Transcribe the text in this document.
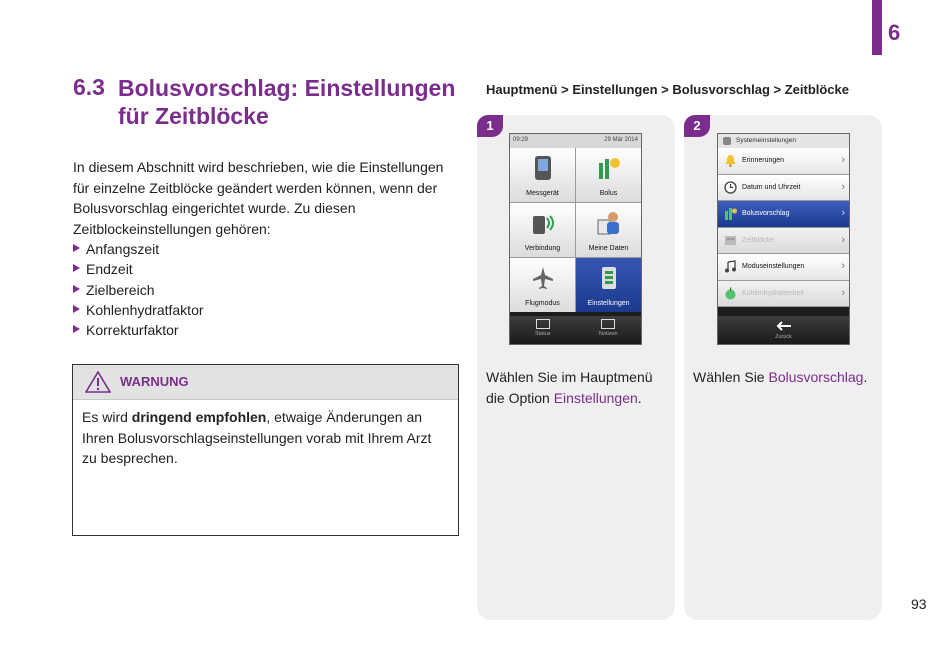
6
6.3 Bolusvorschlag: Einstellungen für Zeitblöcke
In diesem Abschnitt wird beschrieben, wie die Einstellungen für einzelne Zeitblöcke geändert werden können, wenn der Bolusvorschlag eingerichtet wurde. Zu diesen Zeitblockeinstellungen gehören:
Anfangszeit
Endzeit
Zielbereich
Kohlenhydratfaktor
Korrekturfaktor
WARNUNG
Es wird dringend empfohlen, etwaige Änderungen an Ihren Bolusvorschlagseinstellungen vorab mit Ihrem Arzt zu besprechen.
Hauptmenü > Einstellungen > Bolusvorschlag > Zeitblöcke
1	2
09:29	29 Mär 2014
Messgerät	Bolus
Verbindung	Meine Daten
Flugmodus	Einstellungen
Status	Notizen
Systemeinstellungen
Erinnerungen	›
Datum und Uhrzeit	›
Bolusvorschlag	›
Zeitblöcke	›
Moduseinstellungen	›
Kohlenhydrateinheit	›
Zurück
Wählen Sie im Hauptmenü die Option Einstellungen.
Wählen Sie Bolusvorschlag.
93
